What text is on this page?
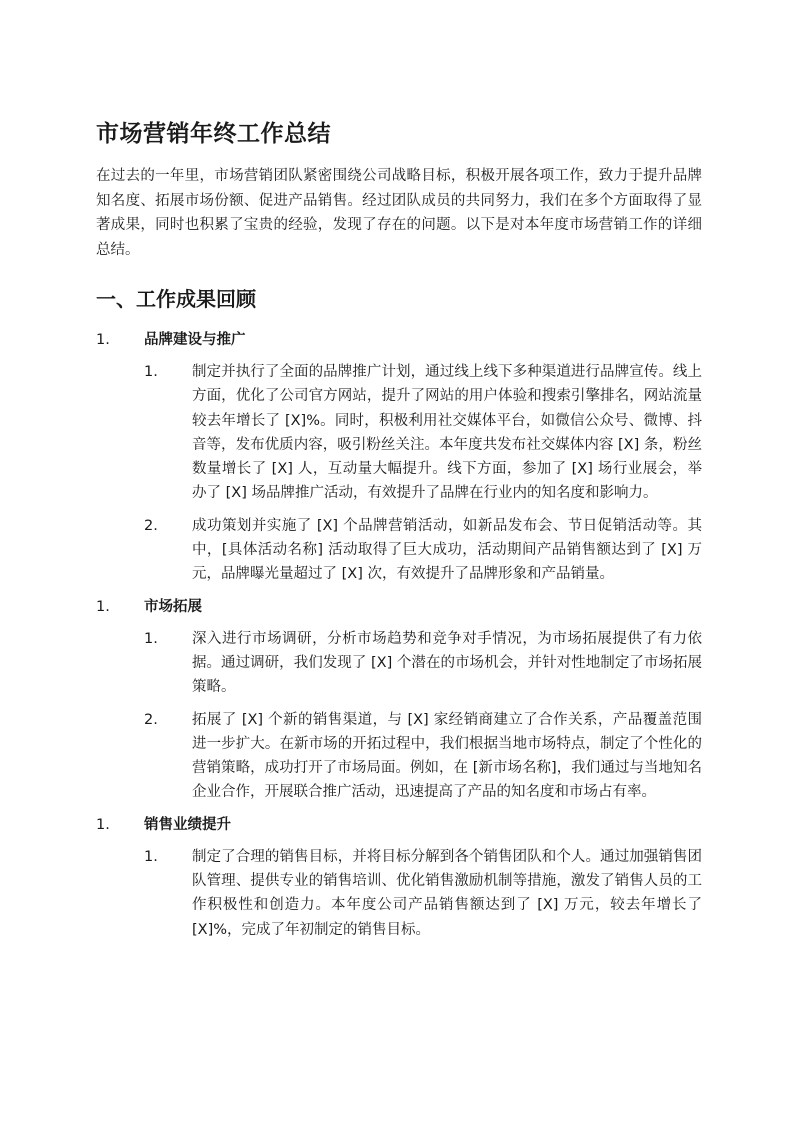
市场营销年终工作总结

在过去的一年里，市场营销团队紧密围绕公司战略目标，积极开展各项工作，致力于提升品牌知名度、拓展市场份额、促进产品销售。经过团队成员的共同努力，我们在多个方面取得了显著成果，同时也积累了宝贵的经验，发现了存在的问题。以下是对本年度市场营销工作的详细总结。

一、工作成果回顾
1.	品牌建设与推广
1.	制定并执行了全面的品牌推广计划，通过线上线下多种渠道进行品牌宣传。线上方面，优化了公司官方网站，提升了网站的用户体验和搜索引擎排名，网站流量较去年增长了 [X]%。同时，积极利用社交媒体平台，如微信公众号、微博、抖音等，发布优质内容，吸引粉丝关注。本年度共发布社交媒体内容 [X] 条，粉丝数量增长了 [X] 人，互动量大幅提升。线下方面，参加了 [X] 场行业展会，举办了 [X] 场品牌推广活动，有效提升了品牌在行业内的知名度和影响力。
2.	成功策划并实施了 [X] 个品牌营销活动，如新品发布会、节日促销活动等。其中，[具体活动名称] 活动取得了巨大成功，活动期间产品销售额达到了 [X] 万元，品牌曝光量超过了 [X] 次，有效提升了品牌形象和产品销量。
1.	市场拓展
1.	深入进行市场调研，分析市场趋势和竞争对手情况，为市场拓展提供了有力依据。通过调研，我们发现了 [X] 个潜在的市场机会，并针对性地制定了市场拓展策略。
2.	拓展了 [X] 个新的销售渠道，与 [X] 家经销商建立了合作关系，产品覆盖范围进一步扩大。在新市场的开拓过程中，我们根据当地市场特点，制定了个性化的营销策略，成功打开了市场局面。例如，在 [新市场名称]，我们通过与当地知名企业合作，开展联合推广活动，迅速提高了产品的知名度和市场占有率。
1.	销售业绩提升
1.	制定了合理的销售目标，并将目标分解到各个销售团队和个人。通过加强销售团队管理、提供专业的销售培训、优化销售激励机制等措施，激发了销售人员的工作积极性和创造力。本年度公司产品销售额达到了 [X] 万元，较去年增长了 [X]%，完成了年初制定的销售目标。
